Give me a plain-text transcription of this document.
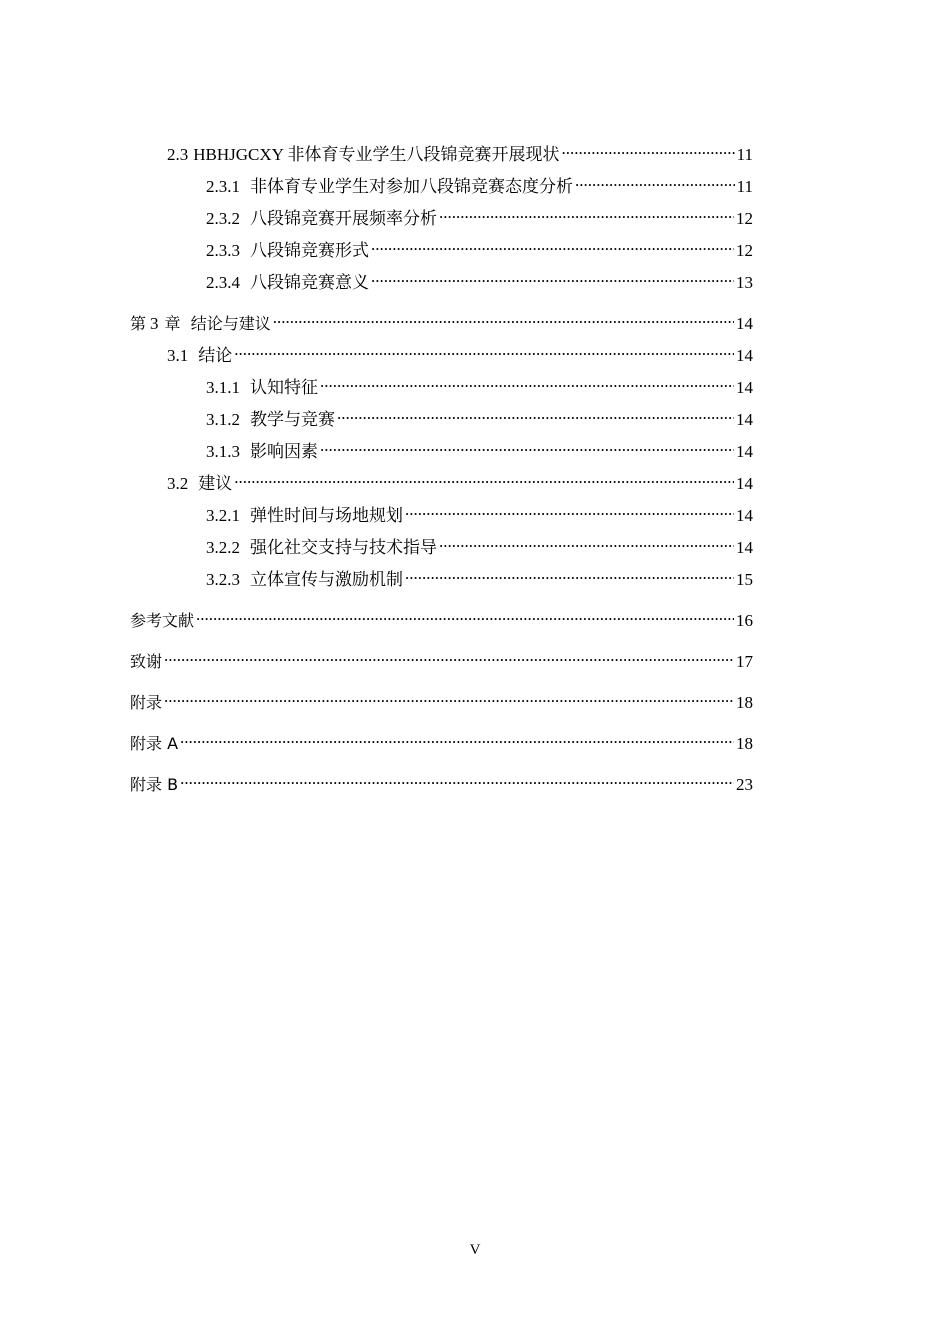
2.3 HBHJGCXY 非体育专业学生八段锦竞赛开展现状 .....	11
2.3.1 非体育专业学生对参加八段锦竞赛态度分析 .....	11
2.3.2 八段锦竞赛开展频率分析 .....	12
2.3.3 八段锦竞赛形式 .....	12
2.3.4 八段锦竞赛意义 .....	13
第 3 章  结论与建议 .....	14
3.1 结论 .....	14
3.1.1 认知特征 .....	14
3.1.2 教学与竞赛 .....	14
3.1.3 影响因素 .....	14
3.2 建议 .....	14
3.2.1 弹性时间与场地规划 .....	14
3.2.2 强化社交支持与技术指导 .....	14
3.2.3 立体宣传与激励机制 .....	15
参考文献 .....	16
致谢 .....	17
附录 .....	18
附录 A .....	18
附录 B .....	23
V
